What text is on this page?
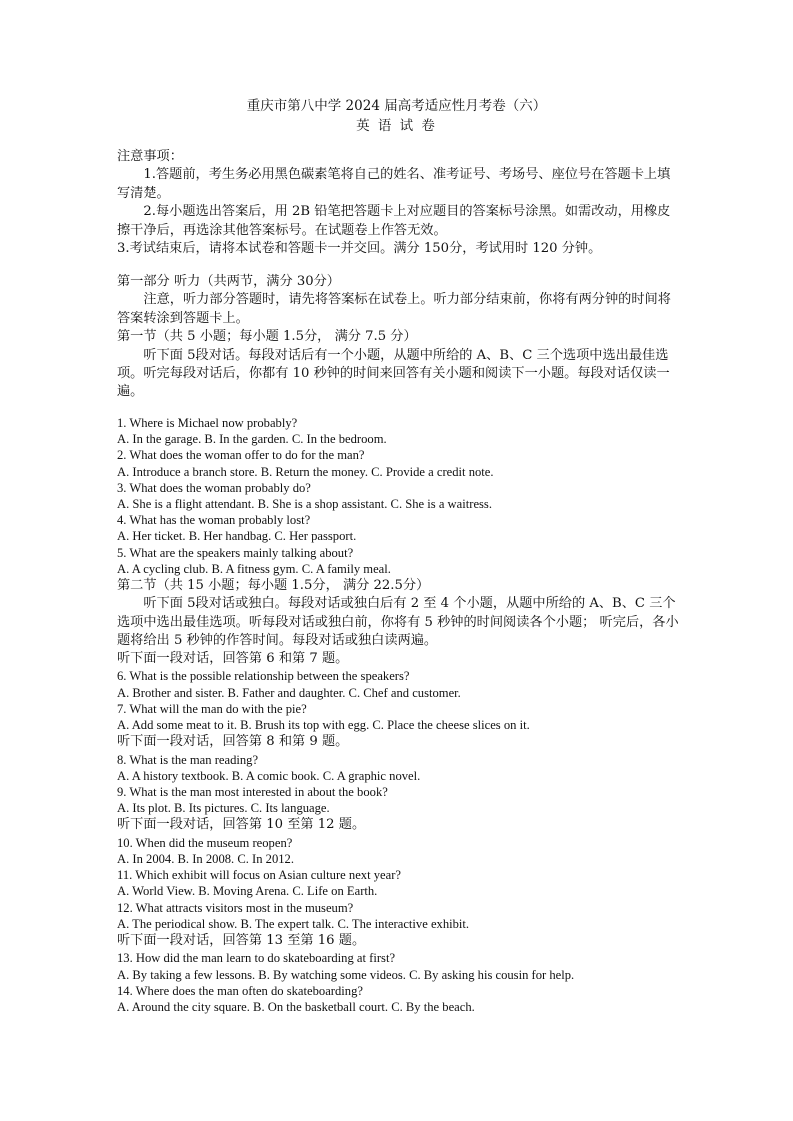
重庆市第八中学 2024 届高考适应性月考卷（六）
英 语 试 卷

注意事项：

1.答题前，考生务必用黑色碳素笔将自己的姓名、准考证号、考场号、座位号在答题卡上填写清楚。

2.每小题选出答案后，用 2B 铅笔把答题卡上对应题目的答案标号涂黑。如需改动，用橡皮擦干净后，再选涂其他答案标号。在试题卷上作答无效。

3.考试结束后，请将本试卷和答题卡一并交回。满分 150分，考试用时 120 分钟。

第一部分 听力（共两节，满分 30分）

注意，听力部分答题时，请先将答案标在试卷上。听力部分结束前，你将有两分钟的时间将答案转涂到答题卡上。

第一节（共 5 小题；每小题 1.5分， 满分 7.5 分）

听下面 5段对话。每段对话后有一个小题，从题中所给的 A、B、C 三个选项中选出最佳选项。听完每段对话后，你都有 10 秒钟的时间来回答有关小题和阅读下一小题。每段对话仅读一遍。

1. Where is Michael now probably?

A. In the garage. B. In the garden. C. In the bedroom.

2. What does the woman offer to do for the man?

A. Introduce a branch store. B. Return the money. C. Provide a credit note.

3. What does the woman probably do?

A. She is a flight attendant. B. She is a shop assistant. C. She is a waitress.

4. What has the woman probably lost?

A. Her ticket. B. Her handbag. C. Her passport.

5. What are the speakers mainly talking about?

A. A cycling club. B. A fitness gym. C. A family meal.

第二节（共 15 小题；每小题 1.5分， 满分 22.5分）

听下面 5段对话或独白。每段对话或独白后有 2 至 4 个小题，从题中所给的 A、B、C 三个选项中选出最佳选项。听每段对话或独白前，你将有 5 秒钟的时间阅读各个小题； 听完后，各小题将给出 5 秒钟的作答时间。每段对话或独白读两遍。

听下面一段对话，回答第 6 和第 7 题。

6. What is the possible relationship between the speakers?

A. Brother and sister. B. Father and daughter. C. Chef and customer.

7. What will the man do with the pie?

A. Add some meat to it. B. Brush its top with egg. C. Place the cheese slices on it.

听下面一段对话，回答第 8 和第 9 题。

8. What is the man reading?

A. A history textbook. B. A comic book. C. A graphic novel.

9. What is the man most interested in about the book?

A. Its plot. B. Its pictures. C. Its language.

听下面一段对话，回答第 10 至第 12 题。

10. When did the museum reopen?

A. In 2004. B. In 2008. C. In 2012.

11. Which exhibit will focus on Asian culture next year?

A. World View. B. Moving Arena. C. Life on Earth.

12. What attracts visitors most in the museum?

A. The periodical show. B. The expert talk. C. The interactive exhibit.

听下面一段对话，回答第 13 至第 16 题。

13. How did the man learn to do skateboarding at first?

A. By taking a few lessons. B. By watching some videos. C. By asking his cousin for help.

14. Where does the man often do skateboarding?

A. Around the city square. B. On the basketball court. C. By the beach.
